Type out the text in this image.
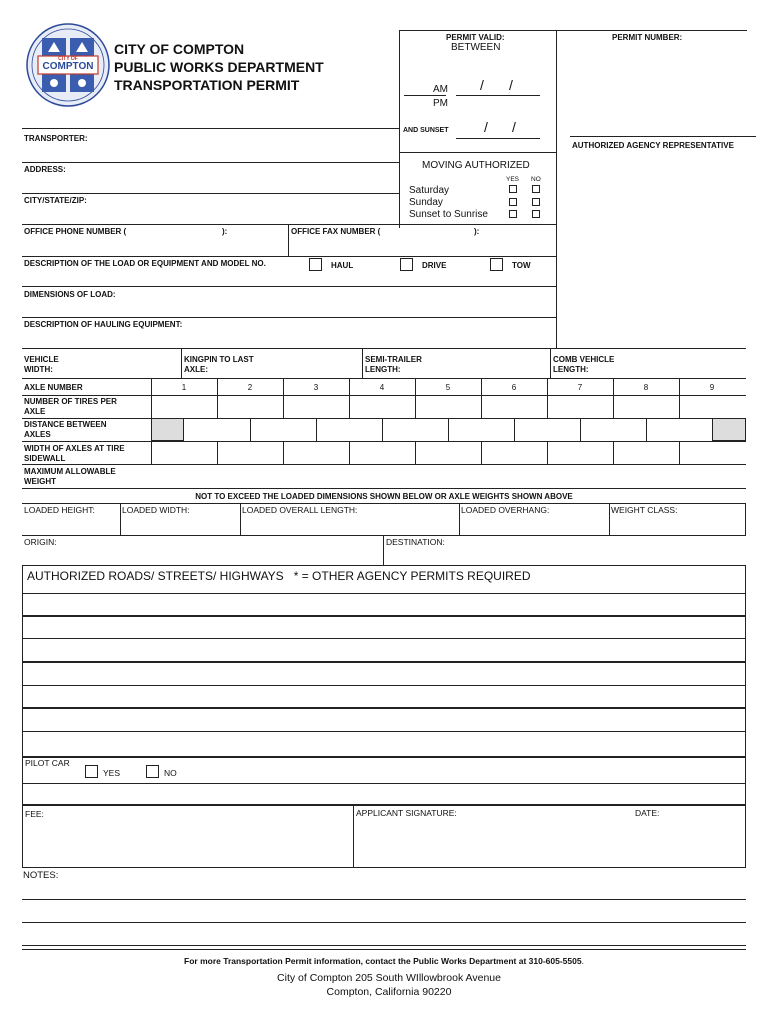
CITY OF
COMPTON
CITY OF COMPTON
PUBLIC WORKS DEPARTMENT
TRANSPORTATION PERMIT
PERMIT VALID:
BETWEEN
AM
PM
/ /
AND SUNSET	/ /
PERMIT NUMBER:
AUTHORIZED AGENCY REPRESENTATIVE
TRANSPORTER:
ADDRESS:
CITY/STATE/ZIP:
OFFICE PHONE NUMBER (	):	OFFICE FAX NUMBER (	):
MOVING AUTHORIZED
YES NO
Saturday
Sunday
Sunset to Sunrise
DESCRIPTION OF THE LOAD OR EQUIPMENT AND MODEL NO.	HAUL	DRIVE	TOW
DIMENSIONS OF LOAD:
DESCRIPTION OF HAULING EQUIPMENT:
VEHICLE WIDTH:
KINGPIN TO LAST AXLE:
SEMI-TRAILER LENGTH:
COMB VEHICLE LENGTH:
AXLE NUMBER	1	2	3	4	5	6	7	8	9
NUMBER OF TIRES PER AXLE
DISTANCE BETWEEN AXLES
WIDTH OF AXLES AT TIRE SIDEWALL
MAXIMUM ALLOWABLE WEIGHT
NOT TO EXCEED THE LOADED DIMENSIONS SHOWN BELOW OR AXLE WEIGHTS SHOWN ABOVE
LOADED HEIGHT:	LOADED WIDTH:	LOADED OVERALL LENGTH:	LOADED OVERHANG:	WEIGHT CLASS:
ORIGIN:	DESTINATION:
AUTHORIZED ROADS/ STREETS/ HIGHWAYS   * = OTHER AGENCY PERMITS REQUIRED
PILOT CAR
YES	NO
FEE:	APPLICANT SIGNATURE:	DATE:
NOTES:
For more Transportation Permit information, contact the Public Works Department at 310-605-5505.
City of Compton 205 South WIllowbrook Avenue
Compton, California 90220
